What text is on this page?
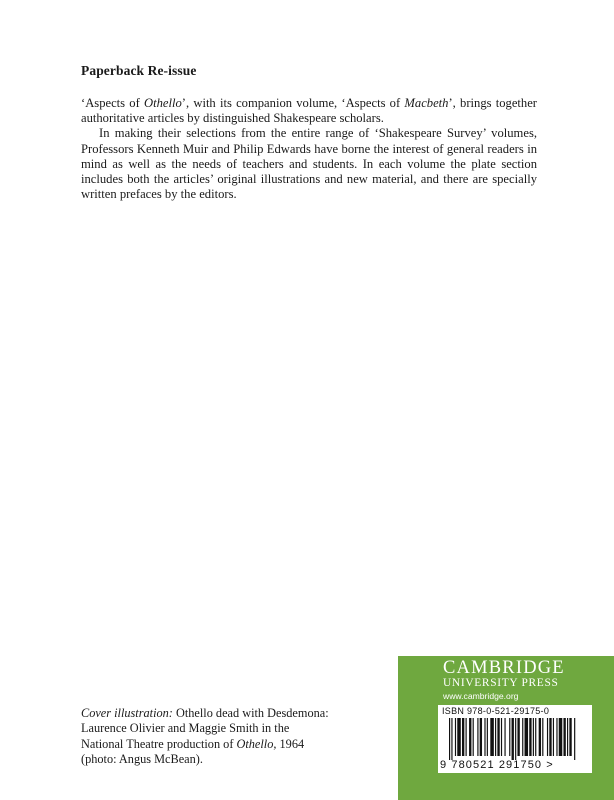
Paperback Re-issue

‘Aspects of Othello’, with its companion volume, ‘Aspects of Macbeth’, brings together authoritative articles by distinguished Shakespeare scholars.

In making their selections from the entire range of ‘Shakespeare Survey’ volumes, Professors Kenneth Muir and Philip Edwards have borne the interest of general readers in mind as well as the needs of teachers and students. In each volume the plate section includes both the articles’ original illustrations and new material, and there are specially written prefaces by the editors.

Cover illustration: Othello dead with Desdemona:
Laurence Olivier and Maggie Smith in the
National Theatre production of Othello, 1964
(photo: Angus McBean).
CAMBRIDGE
UNIVERSITY PRESS
www.cambridge.org
ISBN 978-0-521-29175-0
9 780521 291750 >
